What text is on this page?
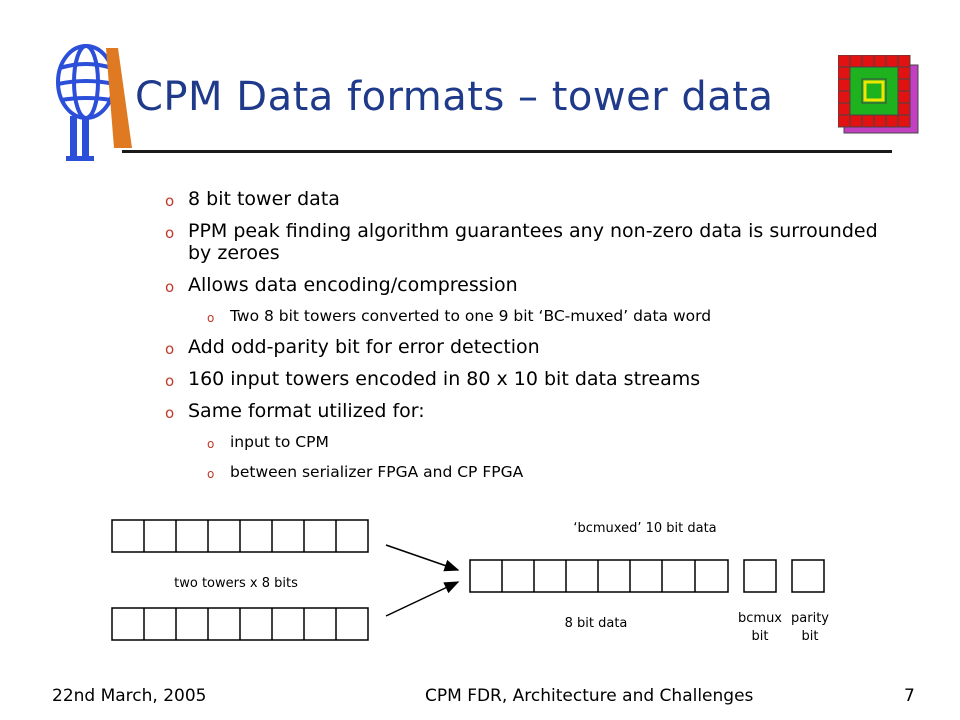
CPM Data formats – tower data
o 8 bit tower data
o PPM peak finding algorithm guarantees any non-zero data is surrounded by zeroes
o Allows data encoding/compression
o Two 8 bit towers converted to one 9 bit ‘BC-muxed’ data word
o Add odd-parity bit for error detection
o 160 input towers encoded in 80 x 10 bit data streams
o Same format utilized for:
o input to CPM
o between serializer FPGA and CP FPGA
two towers x 8 bits
‘bcmuxed’ 10 bit data
8 bit data	bcmux
bit
parity
bit
22nd March, 2005	CPM FDR, Architecture and Challenges	7
